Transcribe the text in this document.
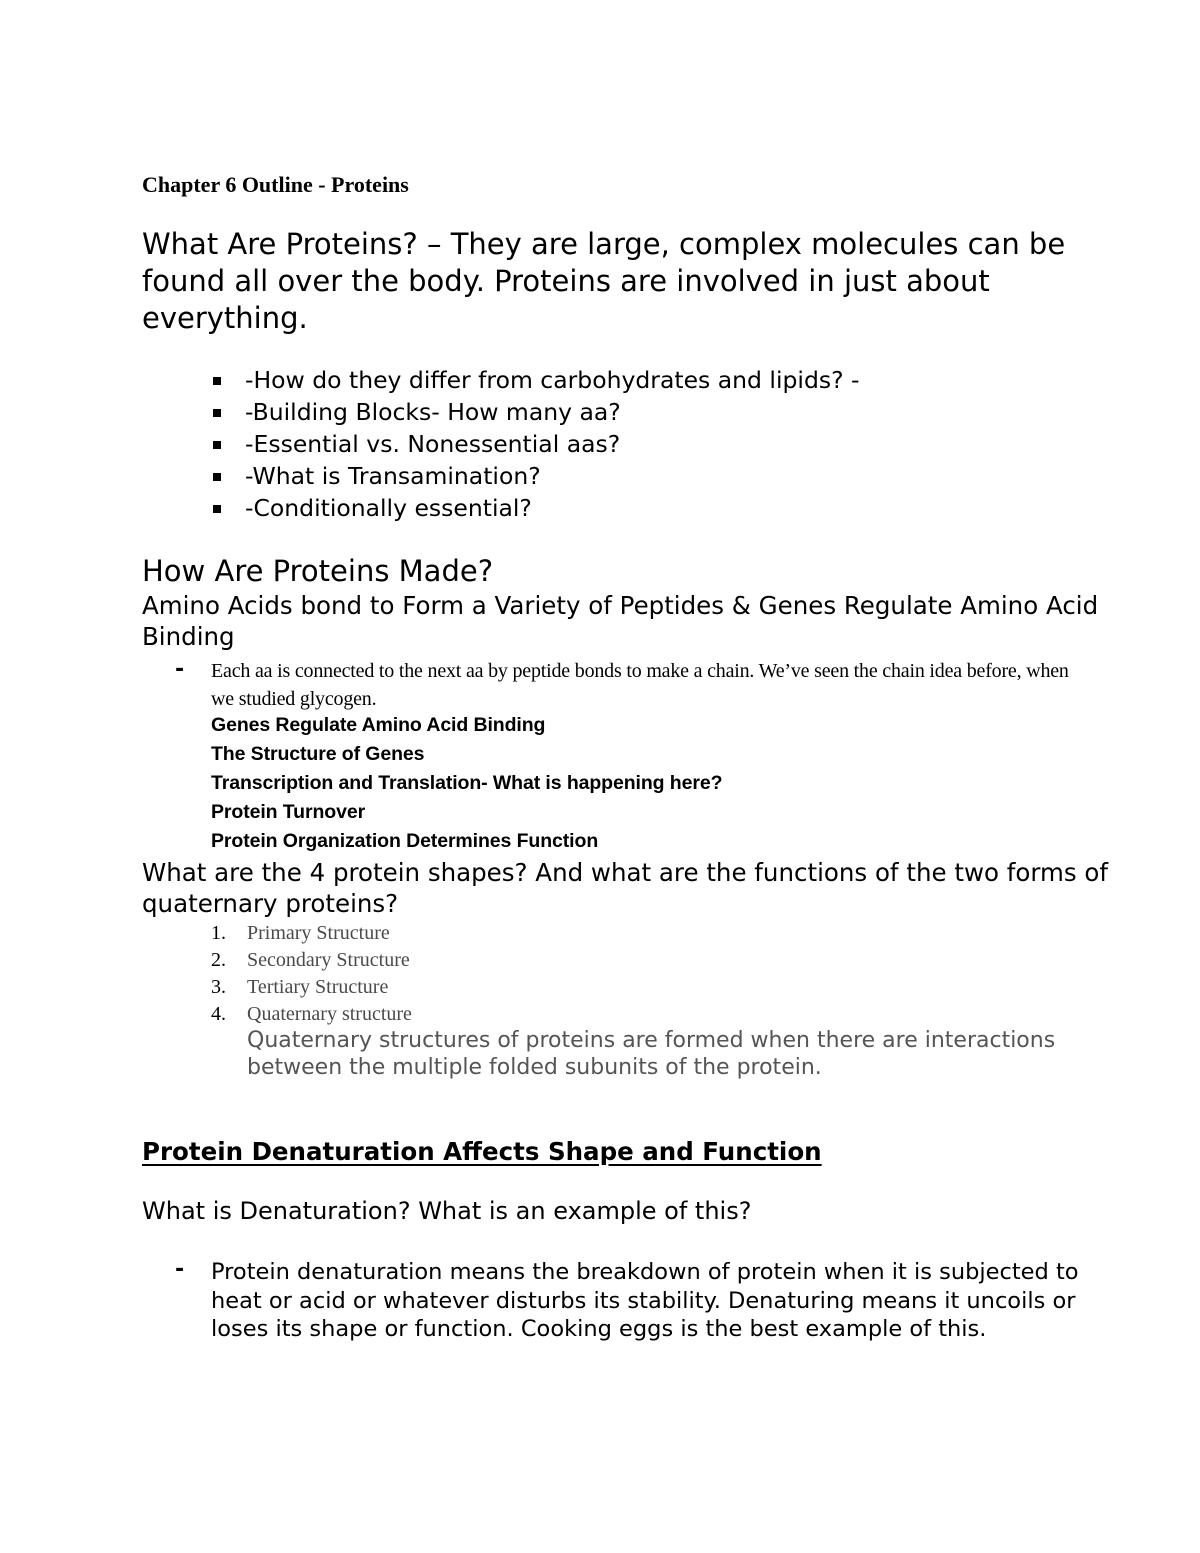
Chapter 6 Outline - Proteins
What Are Proteins? – They are large, complex molecules can be found all over the body. Proteins are involved in just about everything.
-How do they differ from carbohydrates and lipids? -
-Building Blocks- How many aa?
-Essential vs. Nonessential aas?
-What is Transamination?
-Conditionally essential?
How Are Proteins Made?
Amino Acids bond to Form a Variety of Peptides & Genes Regulate Amino Acid Binding
- Each aa is connected to the next aa by peptide bonds to make a chain. We’ve seen the chain idea before, when we studied glycogen.
Genes Regulate Amino Acid Binding
The Structure of Genes
Transcription and Translation- What is happening here?
Protein Turnover
Protein Organization Determines Function
What are the 4 protein shapes? And what are the functions of the two forms of quaternary proteins?
1. Primary Structure
2. Secondary Structure
3. Tertiary Structure
4. Quaternary structure
Quaternary structures of proteins are formed when there are interactions between the multiple folded subunits of the protein.
Protein Denaturation Affects Shape and Function
What is Denaturation? What is an example of this?
- Protein denaturation means the breakdown of protein when it is subjected to heat or acid or whatever disturbs its stability. Denaturing means it uncoils or loses its shape or function. Cooking eggs is the best example of this.
